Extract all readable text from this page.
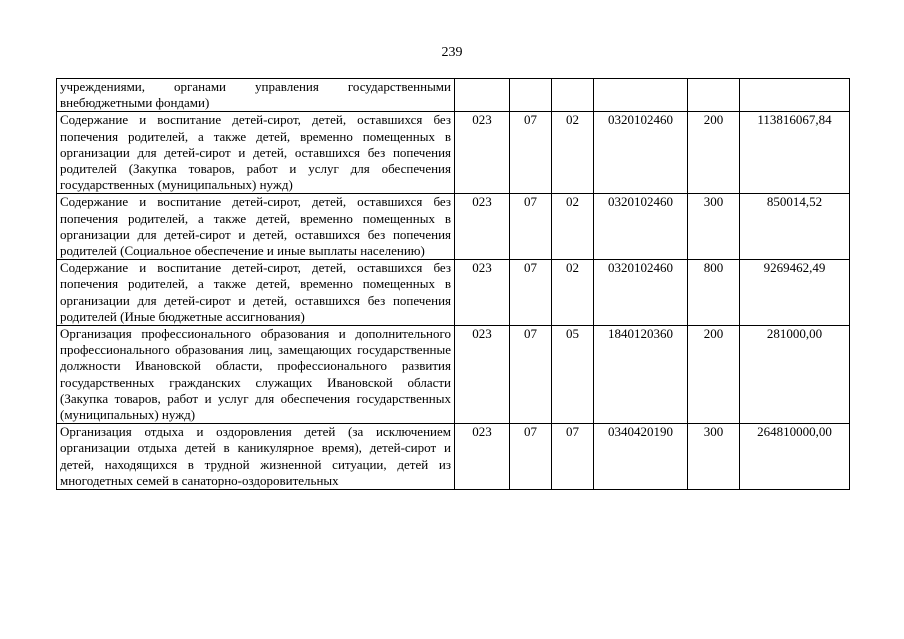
239
учреждениями, органами управления государственными внебюджетными фондами)						
Содержание и воспитание детей-сирот, детей, оставшихся без попечения родителей, а также детей, временно помещенных в организации для детей-сирот и детей, оставшихся без попечения родителей (Закупка товаров, работ и услуг для обеспечения государственных (муниципальных) нужд)	023	07	02	0320102460	200	113816067,84
Содержание и воспитание детей-сирот, детей, оставшихся без попечения родителей, а также детей, временно помещенных в организации для детей-сирот и детей, оставшихся без попечения родителей (Социальное обеспечение и иные выплаты населению)	023	07	02	0320102460	300	850014,52
Содержание и воспитание детей-сирот, детей, оставшихся без попечения родителей, а также детей, временно помещенных в организации для детей-сирот и детей, оставшихся без попечения родителей (Иные бюджетные ассигнования)	023	07	02	0320102460	800	9269462,49
Организация профессионального образования и дополнительного профессионального образования лиц, замещающих государственные должности Ивановской области, профессионального развития государственных гражданских служащих Ивановской области (Закупка товаров, работ и услуг для обеспечения государственных (муниципальных) нужд)	023	07	05	1840120360	200	281000,00
Организация отдыха и оздоровления детей (за исключением организации отдыха детей в каникулярное время), детей-сирот и детей, находящихся в трудной жизненной ситуации, детей из многодетных семей в санаторно-оздоровительных	023	07	07	0340420190	300	264810000,00
